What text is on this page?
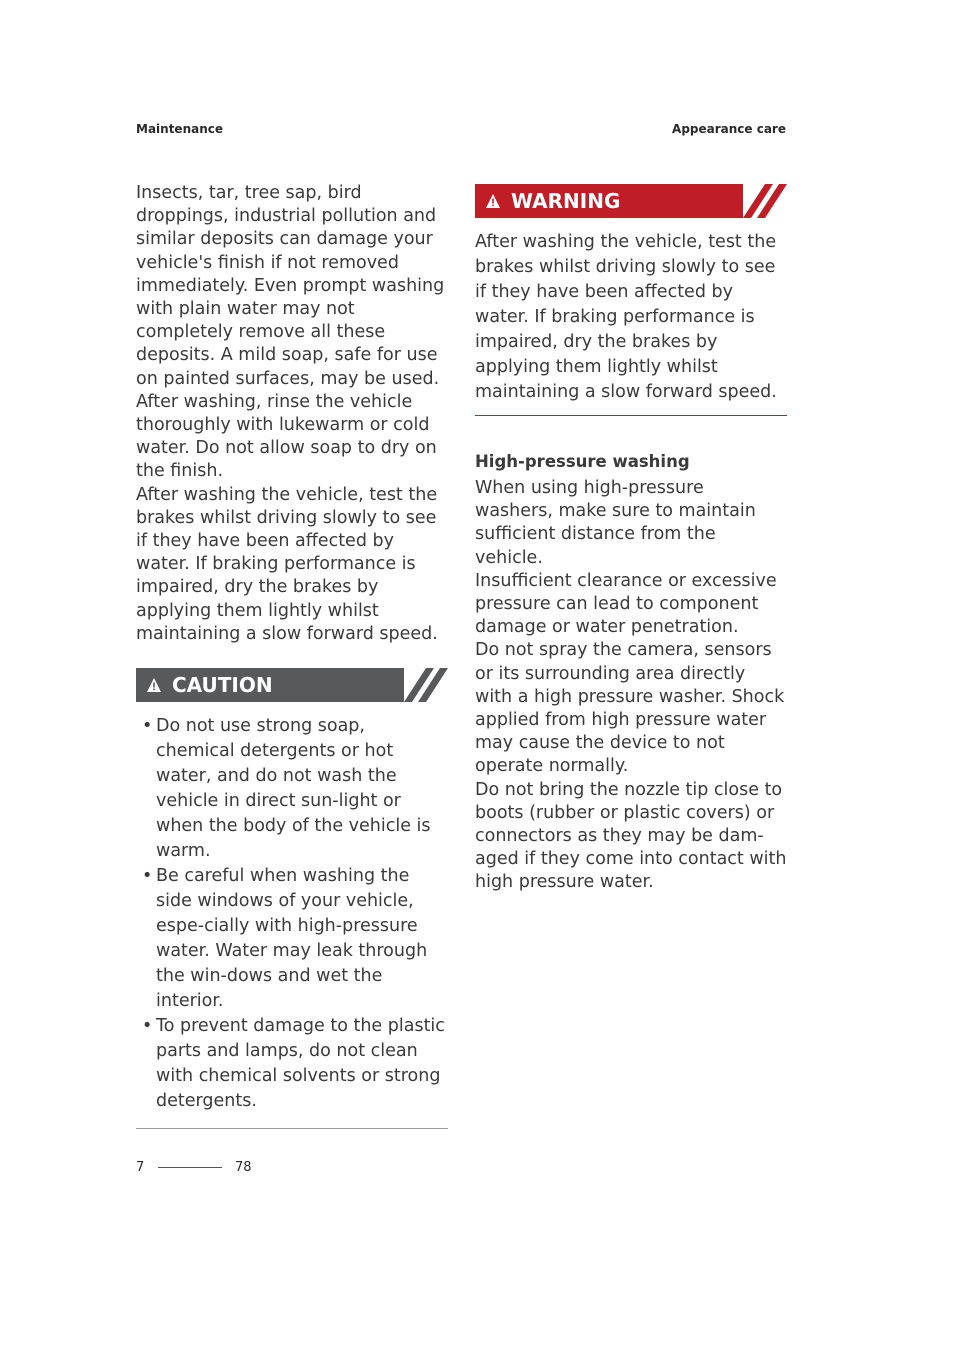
Maintenance	Appearance care

Insects, tar, tree sap, bird droppings, industrial pollution and similar deposits can damage your vehicle's finish if not removed immediately. Even prompt washing with plain water may not completely remove all these deposits. A mild soap, safe for use on painted surfaces, may be used.

After washing, rinse the vehicle thoroughly with lukewarm or cold water. Do not allow soap to dry on the finish.

After washing the vehicle, test the brakes whilst driving slowly to see if they have been affected by water. If braking performance is impaired, dry the brakes by applying them lightly whilst maintaining a slow forward speed.

CAUTION
• Do not use strong soap, chemical detergents or hot water, and do not wash the vehicle in direct sun-light or when the body of the vehicle is warm.
• Be careful when washing the side windows of your vehicle, espe-cially with high-pressure water. Water may leak through the win-dows and wet the interior.
• To prevent damage to the plastic parts and lamps, do not clean with chemical solvents or strong detergents.
WARNING

After washing the vehicle, test the brakes whilst driving slowly to see if they have been affected by water. If braking performance is impaired, dry the brakes by applying them lightly whilst maintaining a slow forward speed.

High-pressure washing

When using high-pressure washers, make sure to maintain sufficient distance from the vehicle.

Insufficient clearance or excessive pressure can lead to component damage or water penetration.

Do not spray the camera, sensors or its surrounding area directly with a high pressure washer. Shock applied from high pressure water may cause the device to not operate normally.

Do not bring the nozzle tip close to boots (rubber or plastic covers) or connectors as they may be dam-aged if they come into contact with high pressure water.

7	78
